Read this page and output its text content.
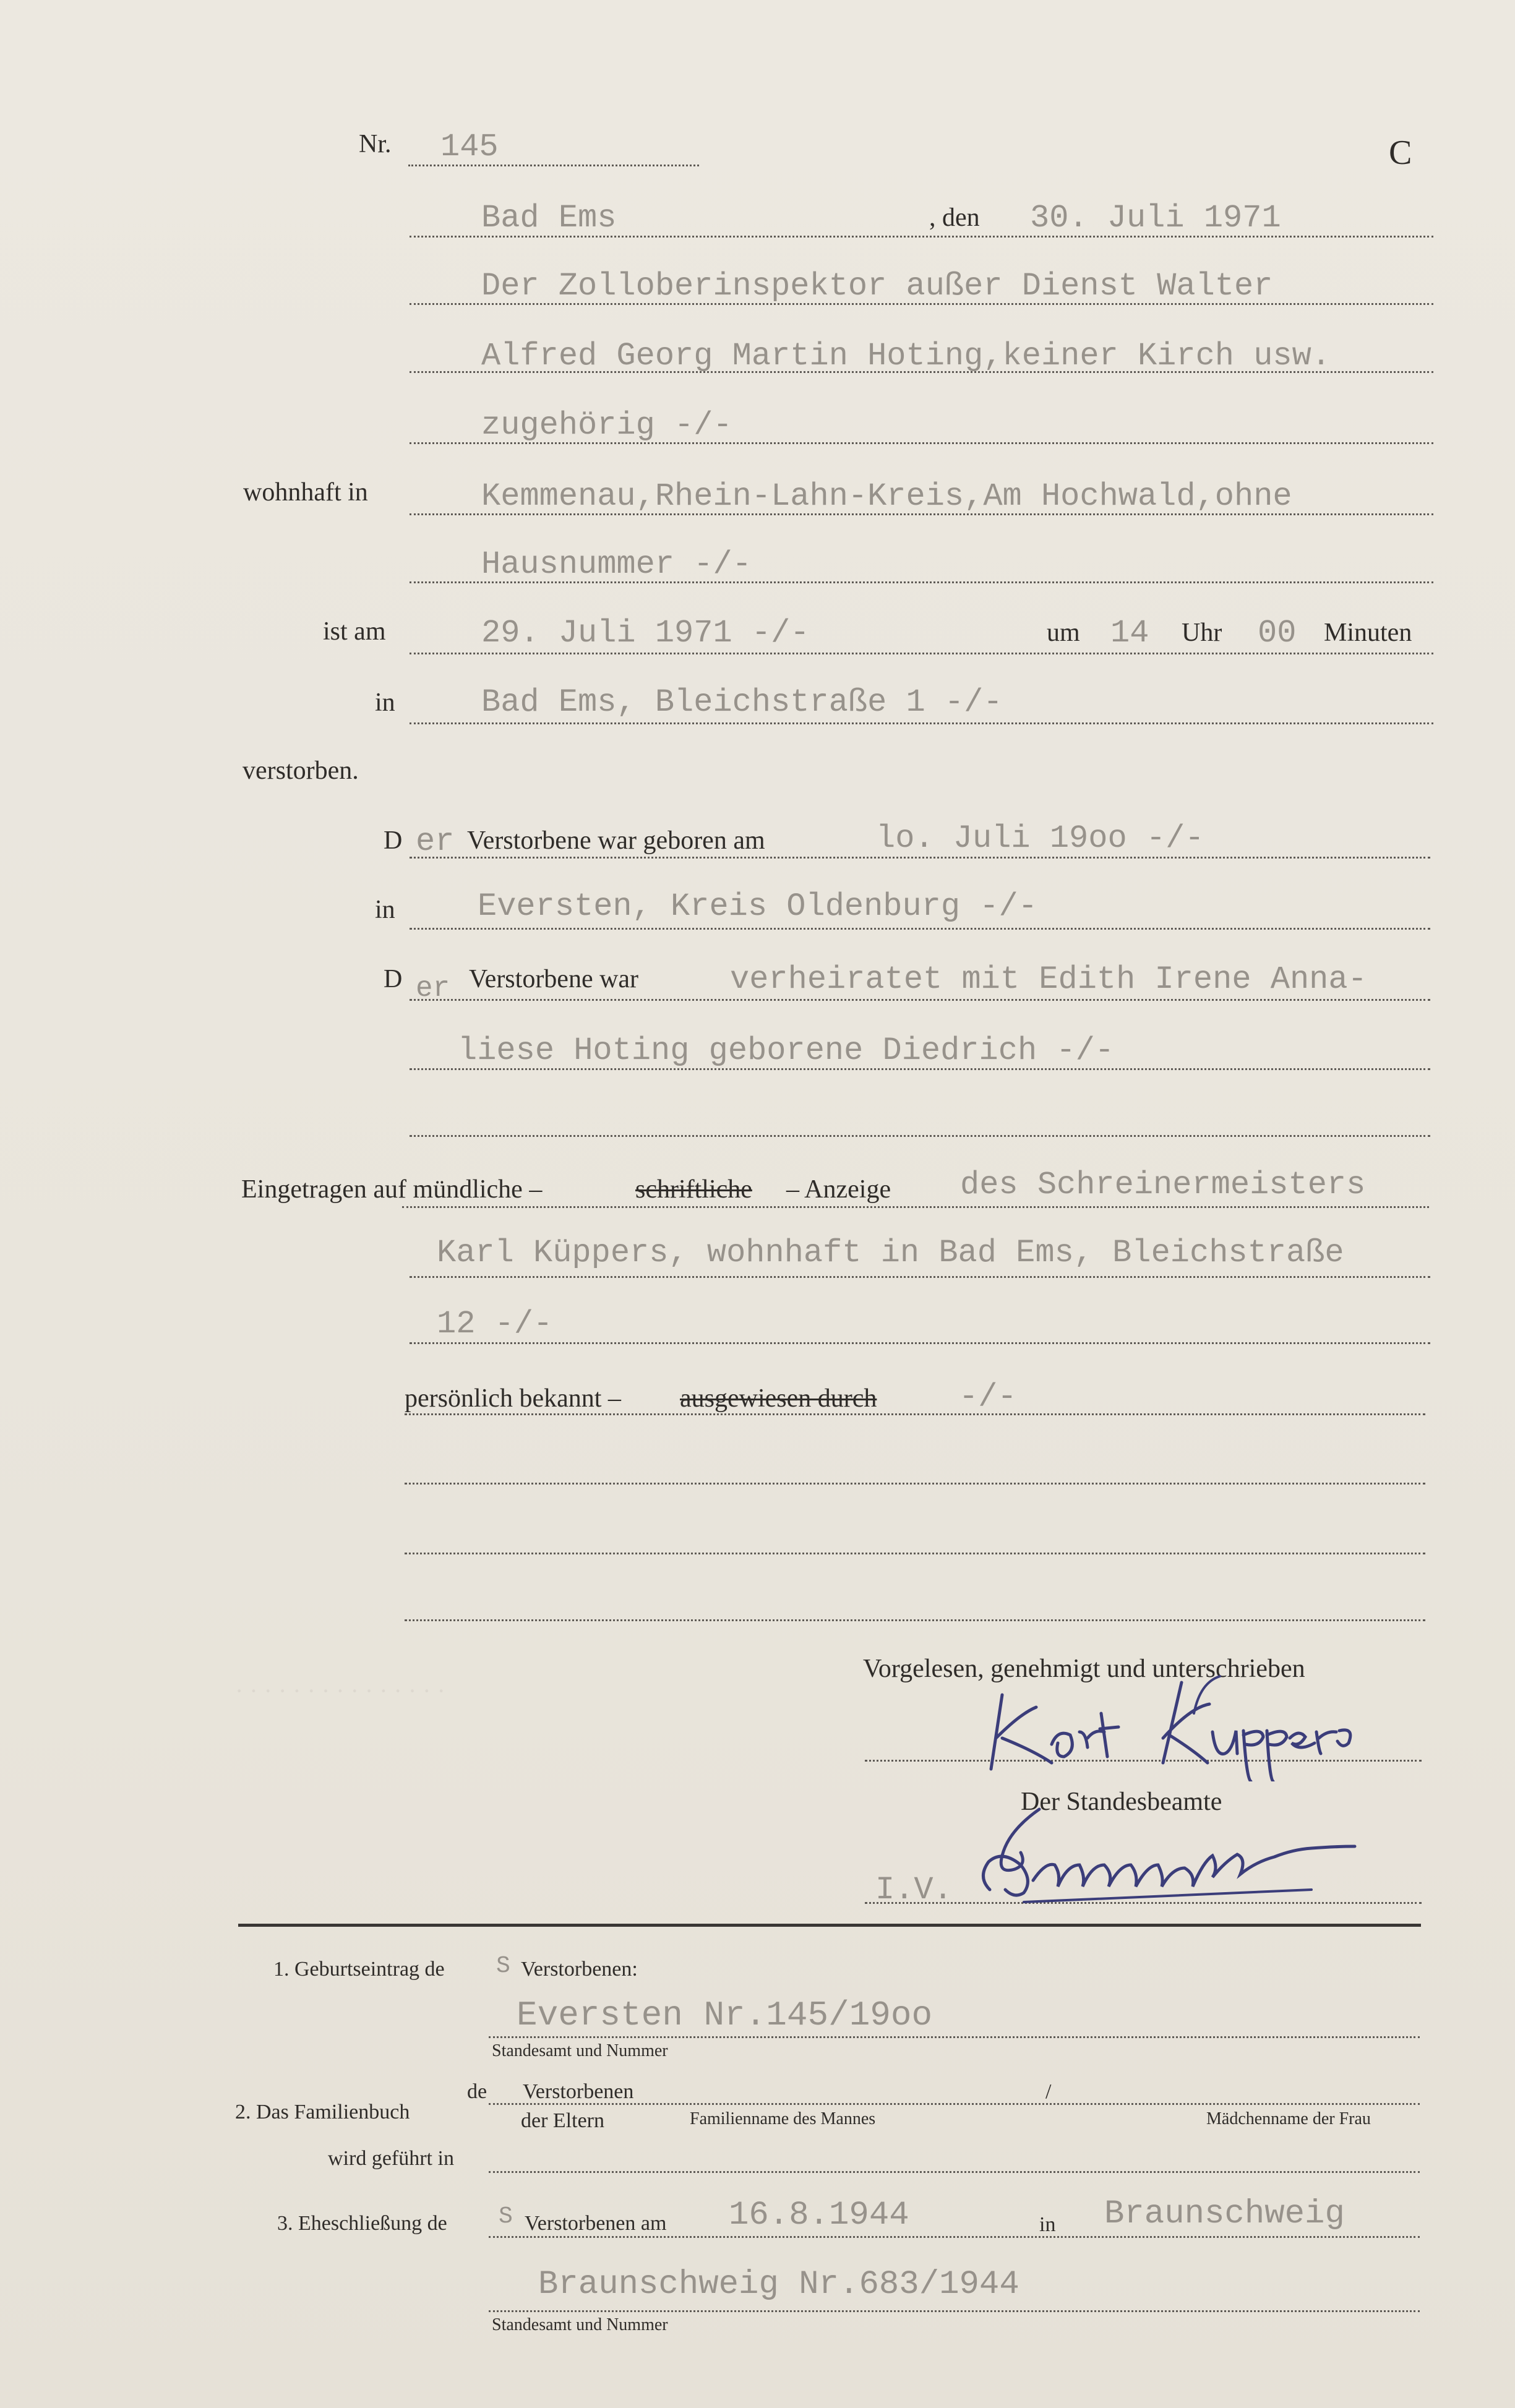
· · · · · · · · · · · · · · ·
C
Nr. 145
Bad Ems	, den 30. Juli 1971
Der Zolloberinspektor außer Dienst Walter
Alfred Georg Martin Hoting,keiner Kirch usw.
zugehörig -/-
wohnhaft in	Kemmenau,Rhein-Lahn-Kreis,Am Hochwald,ohne
Hausnummer -/-
ist am	29. Juli 1971 -/-	um 14 Uhr 00 Minuten
in	Bad Ems, Bleichstraße 1 -/-
verstorben.
D er Verstorbene war geboren am	lo. Juli 19oo -/-
in	Eversten, Kreis Oldenburg -/-
D er Verstorbene war	verheiratet mit Edith Irene Anna-
liese Hoting geborene Diedrich -/-
Eingetragen auf mündliche –	schriftliche – Anzeige des Schreinermeisters
Karl Küppers, wohnhaft in Bad Ems, Bleichstraße
12 -/-
persönlich bekannt – ausgewiesen durch	-/-
Vorgelesen, genehmigt und unterschrieben
Der Standesbeamte
I.V.
1. Geburtseintrag de S Verstorbenen:
Eversten Nr.145/19oo
Standesamt und Nummer
2. Das Familienbuch
de Verstorbenen
der Eltern
/
Familienname des Mannes	Mädchenname der Frau
wird geführt in
3. Eheschließung de S Verstorbenen am 16.8.1944	in Braunschweig
Braunschweig Nr.683/1944
Standesamt und Nummer
